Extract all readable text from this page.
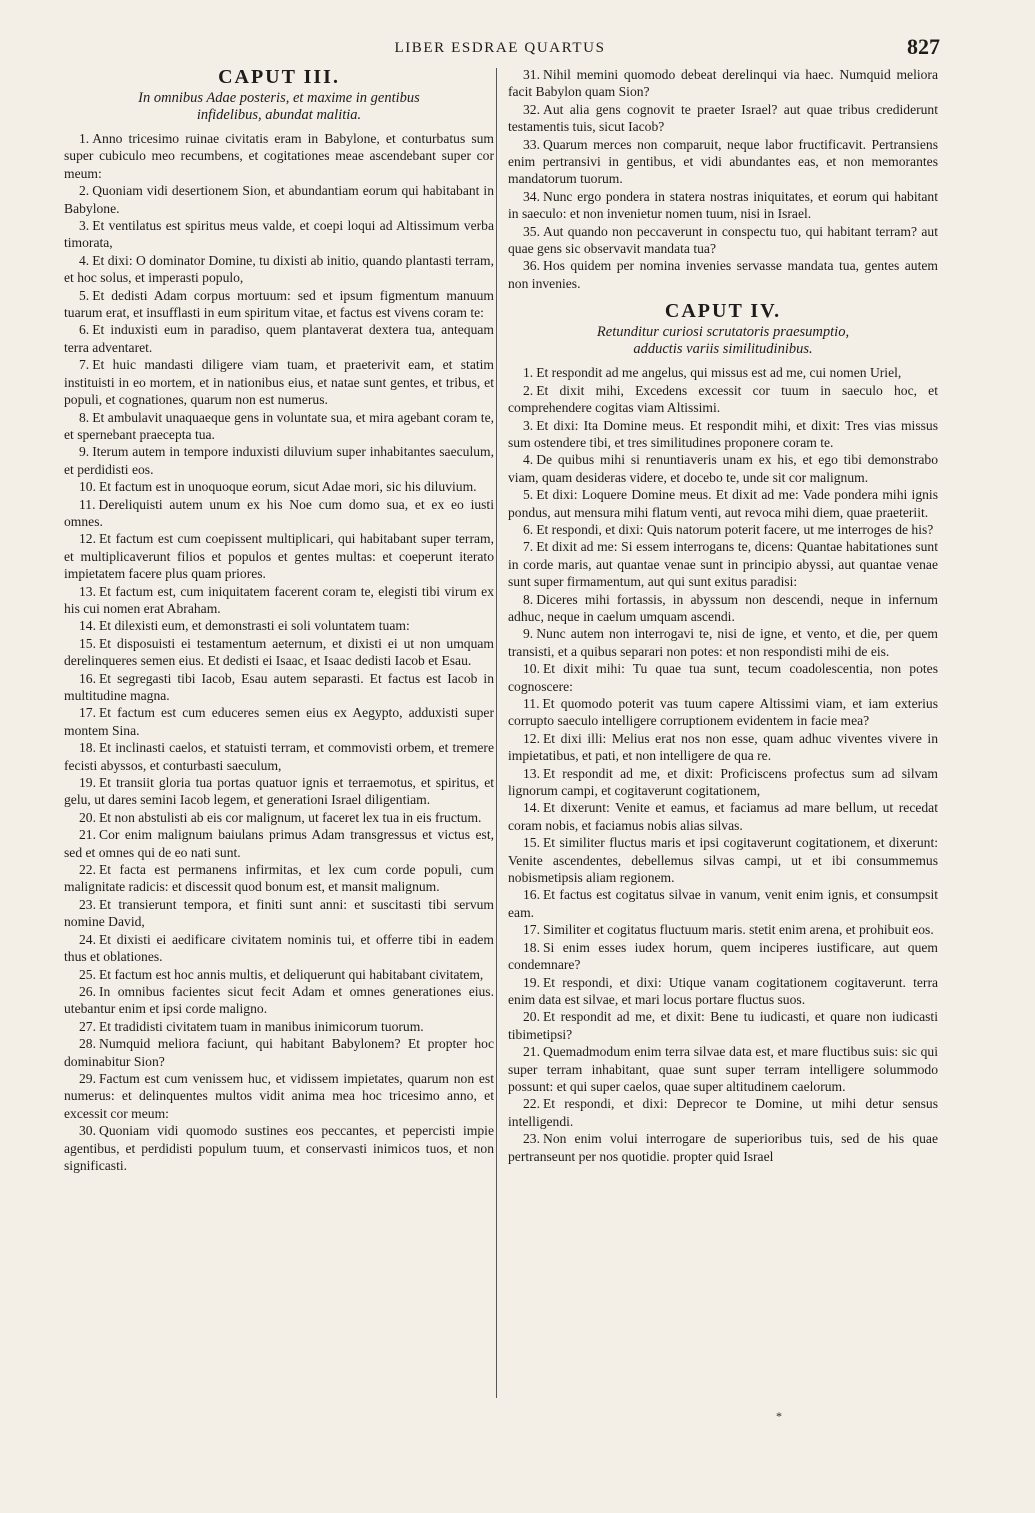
LIBER ESDRAE QUARTUS	827
CAPUT III.
In omnibus Adae posteris, et maxime in gentibus
infidelibus, abundat malitia.

1. Anno tricesimo ruinae civitatis eram in Babylone, et conturbatus sum super cubiculo meo recumbens, et cogitationes meae ascendebant super cor meum:

2. Quoniam vidi desertionem Sion, et abundantiam eorum qui habitabant in Babylone.

3. Et ventilatus est spiritus meus valde, et coepi loqui ad Altissimum verba timorata,

4. Et dixi: O dominator Domine, tu dixisti ab initio, quando plantasti terram, et hoc solus, et imperasti populo,

5. Et dedisti Adam corpus mortuum: sed et ipsum figmentum manuum tuarum erat, et insufflasti in eum spiritum vitae, et factus est vivens coram te:

6. Et induxisti eum in paradiso, quem plantaverat dextera tua, antequam terra adventaret.

7. Et huic mandasti diligere viam tuam, et praeterivit eam, et statim instituisti in eo mortem, et in nationibus eius, et natae sunt gentes, et tribus, et populi, et cognationes, quarum non est numerus.

8. Et ambulavit unaquaeque gens in voluntate sua, et mira agebant coram te, et spernebant praecepta tua.

9. Iterum autem in tempore induxisti diluvium super inhabitantes saeculum, et perdidisti eos.

10. Et factum est in unoquoque eorum, sicut Adae mori, sic his diluvium.

11. Dereliquisti autem unum ex his Noe cum domo sua, et ex eo iusti omnes.

12. Et factum est cum coepissent multiplicari, qui habitabant super terram, et multiplicaverunt filios et populos et gentes multas: et coeperunt iterato impietatem facere plus quam priores.

13. Et factum est, cum iniquitatem facerent coram te, elegisti tibi virum ex his cui nomen erat Abraham.

14. Et dilexisti eum, et demonstrasti ei soli voluntatem tuam:

15. Et disposuisti ei testamentum aeternum, et dixisti ei ut non umquam derelinqueres semen eius. Et dedisti ei Isaac, et Isaac dedisti Iacob et Esau.

16. Et segregasti tibi Iacob, Esau autem separasti. Et factus est Iacob in multitudine magna.

17. Et factum est cum educeres semen eius ex Aegypto, adduxisti super montem Sina.

18. Et inclinasti caelos, et statuisti terram, et commovisti orbem, et tremere fecisti abyssos, et conturbasti saeculum,

19. Et transiit gloria tua portas quatuor ignis et terraemotus, et spiritus, et gelu, ut dares semini Iacob legem, et generationi Israel diligentiam.

20. Et non abstulisti ab eis cor malignum, ut faceret lex tua in eis fructum.

21. Cor enim malignum baiulans primus Adam transgressus et victus est, sed et omnes qui de eo nati sunt.

22. Et facta est permanens infirmitas, et lex cum corde populi, cum malignitate radicis: et discessit quod bonum est, et mansit malignum.

23. Et transierunt tempora, et finiti sunt anni: et suscitasti tibi servum nomine David,

24. Et dixisti ei aedificare civitatem nominis tui, et offerre tibi in eadem thus et oblationes.

25. Et factum est hoc annis multis, et deliquerunt qui habitabant civitatem,

26. In omnibus facientes sicut fecit Adam et omnes generationes eius. utebantur enim et ipsi corde maligno.

27. Et tradidisti civitatem tuam in manibus inimicorum tuorum.

28. Numquid meliora faciunt, qui habitant Babylonem? Et propter hoc dominabitur Sion?

29. Factum est cum venissem huc, et vidissem impietates, quarum non est numerus: et delinquentes multos vidit anima mea hoc tricesimo anno, et excessit cor meum:

30. Quoniam vidi quomodo sustines eos peccantes, et pepercisti impie agentibus, et perdidisti populum tuum, et conservasti inimicos tuos, et non significasti.

31. Nihil memini quomodo debeat derelinqui via haec. Numquid meliora facit Babylon quam Sion?

32. Aut alia gens cognovit te praeter Israel? aut quae tribus crediderunt testamentis tuis, sicut Iacob?

33. Quarum merces non comparuit, neque labor fructificavit. Pertransiens enim pertransivi in gentibus, et vidi abundantes eas, et non memorantes mandatorum tuorum.

34. Nunc ergo pondera in statera nostras iniquitates, et eorum qui habitant in saeculo: et non invenietur nomen tuum, nisi in Israel.

35. Aut quando non peccaverunt in conspectu tuo, qui habitant terram? aut quae gens sic observavit mandata tua?

36. Hos quidem per nomina invenies servasse mandata tua, gentes autem non invenies.

CAPUT IV.
Retunditur curiosi scrutatoris praesumptio,
adductis variis similitudinibus.

1. Et respondit ad me angelus, qui missus est ad me, cui nomen Uriel,

2. Et dixit mihi, Excedens excessit cor tuum in saeculo hoc, et comprehendere cogitas viam Altissimi.

3. Et dixi: Ita Domine meus. Et respondit mihi, et dixit: Tres vias missus sum ostendere tibi, et tres similitudines proponere coram te.

4. De quibus mihi si renuntiaveris unam ex his, et ego tibi demonstrabo viam, quam desideras videre, et docebo te, unde sit cor malignum.

5. Et dixi: Loquere Domine meus. Et dixit ad me: Vade pondera mihi ignis pondus, aut mensura mihi flatum venti, aut revoca mihi diem, quae praeteriit.

6. Et respondi, et dixi: Quis natorum poterit facere, ut me interroges de his?

7. Et dixit ad me: Si essem interrogans te, dicens: Quantae habitationes sunt in corde maris, aut quantae venae sunt in principio abyssi, aut quantae venae sunt super firmamentum, aut qui sunt exitus paradisi:

8. Diceres mihi fortassis, in abyssum non descendi, neque in infernum adhuc, neque in caelum umquam ascendi.

9. Nunc autem non interrogavi te, nisi de igne, et vento, et die, per quem transisti, et a quibus separari non potes: et non respondisti mihi de eis.

10. Et dixit mihi: Tu quae tua sunt, tecum coadolescentia, non potes cognoscere:

11. Et quomodo poterit vas tuum capere Altissimi viam, et iam exterius corrupto saeculo intelligere corruptionem evidentem in facie mea?

12. Et dixi illi: Melius erat nos non esse, quam adhuc viventes vivere in impietatibus, et pati, et non intelligere de qua re.

13. Et respondit ad me, et dixit: Proficiscens profectus sum ad silvam lignorum campi, et cogitaverunt cogitationem,

14. Et dixerunt: Venite et eamus, et faciamus ad mare bellum, ut recedat coram nobis, et faciamus nobis alias silvas.

15. Et similiter fluctus maris et ipsi cogitaverunt cogitationem, et dixerunt: Venite ascendentes, debellemus silvas campi, ut et ibi consummemus nobismetipsis aliam regionem.

16. Et factus est cogitatus silvae in vanum, venit enim ignis, et consumpsit eam.

17. Similiter et cogitatus fluctuum maris. stetit enim arena, et prohibuit eos.

18. Si enim esses iudex horum, quem inciperes iustificare, aut quem condemnare?

19. Et respondi, et dixi: Utique vanam cogitationem cogitaverunt. terra enim data est silvae, et mari locus portare fluctus suos.

20. Et respondit ad me, et dixit: Bene tu iudicasti, et quare non iudicasti tibimetipsi?

21. Quemadmodum enim terra silvae data est, et mare fluctibus suis: sic qui super terram inhabitant, quae sunt super terram intelligere solummodo possunt: et qui super caelos, quae super altitudinem caelorum.

22. Et respondi, et dixi: Deprecor te Domine, ut mihi detur sensus intelligendi.

23. Non enim volui interrogare de superioribus tuis, sed de his quae pertranseunt per nos quotidie. propter quid Israel

*
